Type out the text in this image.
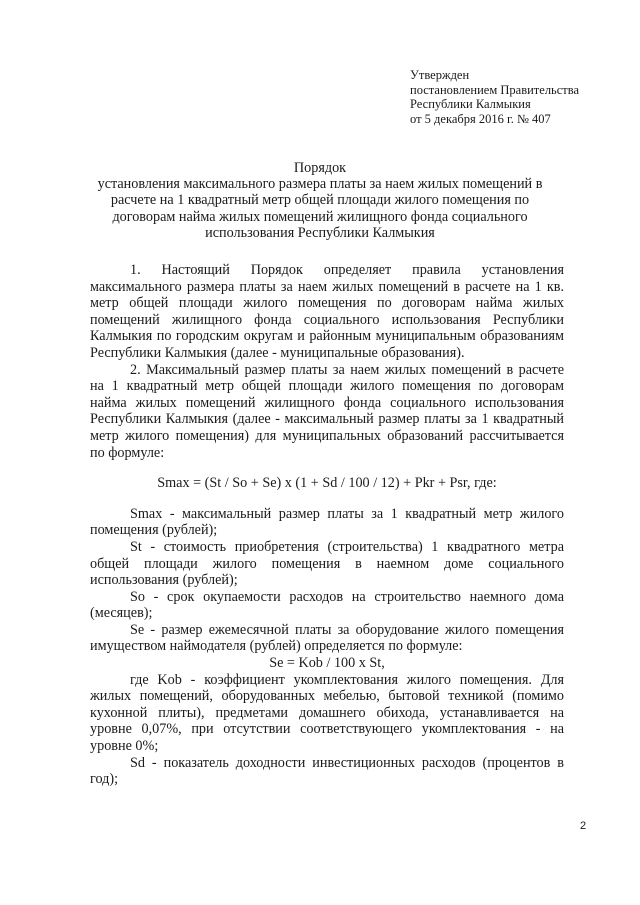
Утвержден
постановлением Правительства
Республики Калмыкия
от 5 декабря 2016 г. № 407
Порядок
установления максимального размера платы за наем жилых помещений в
расчете на 1 квадратный метр общей площади жилого помещения по
договорам найма жилых помещений жилищного фонда социального
использования Республики Калмыкия

1. Настоящий Порядок определяет правила установления максимального размера платы за наем жилых помещений в расчете на 1 кв. метр общей площади жилого помещения по договорам найма жилых помещений жилищного фонда социального использования Республики Калмыкия по городским округам и районным муниципальным образованиям Республики Калмыкия (далее - муниципальные образования).

2. Максимальный размер платы за наем жилых помещений в расчете на 1 квадратный метр общей площади жилого помещения по договорам найма жилых помещений жилищного фонда социального использования Республики Калмыкия (далее - максимальный размер платы за 1 квадратный метр жилого помещения) для муниципальных образований рассчитывается по формуле:

Smax = (St / So + Se) x (1 + Sd / 100 / 12) + Pkr + Psr, где:

Smax - максимальный размер платы за 1 квадратный метр жилого помещения (рублей);

St - стоимость приобретения (строительства) 1 квадратного метра общей площади жилого помещения в наемном доме социального использования (рублей);

So - срок окупаемости расходов на строительство наемного дома (месяцев);

Se - размер ежемесячной платы за оборудование жилого помещения имуществом наймодателя (рублей) определяется по формуле:

Se = Kob / 100 x St,

где Kob - коэффициент укомплектования жилого помещения. Для жилых помещений, оборудованных мебелью, бытовой техникой (помимо кухонной плиты), предметами домашнего обихода, устанавливается на уровне 0,07%, при отсутствии соответствующего укомплектования - на уровне 0%;

Sd - показатель доходности инвестиционных расходов (процентов в год);

2
